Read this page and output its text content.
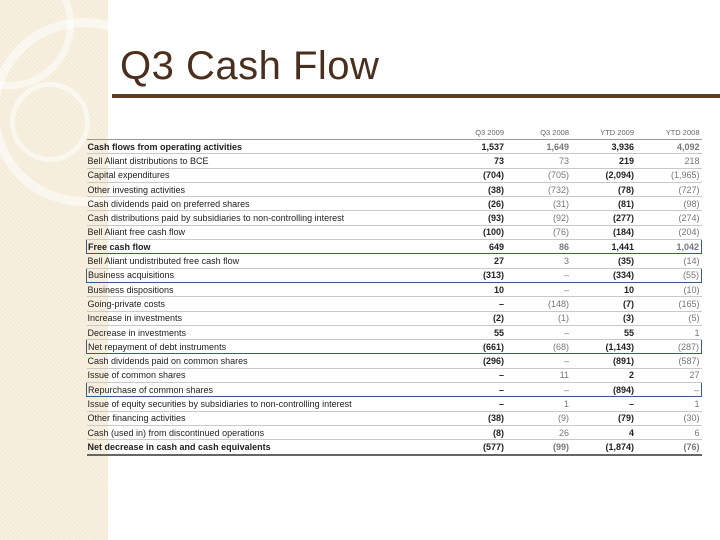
Q3 Cash Flow
	Q3 2009	Q3 2008	YTD 2009	YTD 2008
Cash flows from operating activities	1,537	1,649	3,936	4,092
Bell Aliant distributions to BCE	73	73	219	218
Capital expenditures	(704)	(705)	(2,094)	(1,965)
Other investing activities	(38)	(732)	(78)	(727)
Cash dividends paid on preferred shares	(26)	(31)	(81)	(98)
Cash distributions paid by subsidiaries to non-controlling interest	(93)	(92)	(277)	(274)
Bell Aliant free cash flow	(100)	(76)	(184)	(204)
Free cash flow	649	86	1,441	1,042
Bell Aliant undistributed free cash flow	27	3	(35)	(14)
Business acquisitions	(313)	–	(334)	(55)
Business dispositions	10	–	10	(10)
Going-private costs	–	(148)	(7)	(165)
Increase in investments	(2)	(1)	(3)	(5)
Decrease in investments	55	–	55	1
Net repayment of debt instruments	(661)	(68)	(1,143)	(287)
Cash dividends paid on common shares	(296)	–	(891)	(587)
Issue of common shares	–	11	2	27
Repurchase of common shares	–	–	(894)	–
Issue of equity securities by subsidiaries to non-controlling interest	–	1	–	1
Other financing activities	(38)	(9)	(79)	(30)
Cash (used in) from discontinued operations	(8)	26	4	6
Net decrease in cash and cash equivalents	(577)	(99)	(1,874)	(76)
